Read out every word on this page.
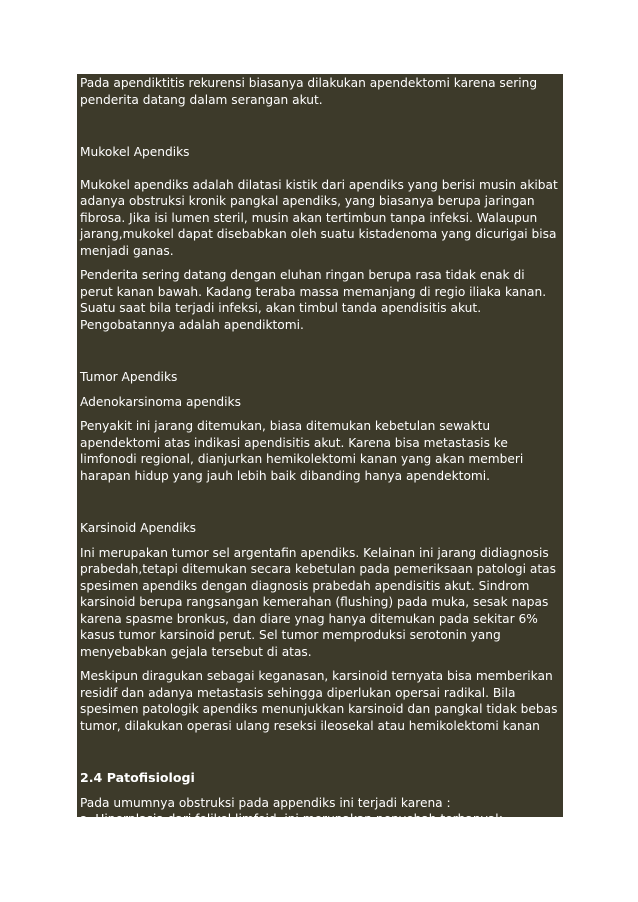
Pada apendiktitis rekurensi biasanya dilakukan apendektomi karena sering penderita datang dalam serangan akut.

Mukokel Apendiks

Mukokel apendiks adalah dilatasi kistik dari apendiks yang berisi musin akibat adanya obstruksi kronik pangkal apendiks, yang biasanya berupa jaringan fibrosa. Jika isi lumen steril, musin akan tertimbun tanpa infeksi. Walaupun jarang,mukokel dapat disebabkan oleh suatu kistadenoma yang dicurigai bisa menjadi ganas.

Penderita sering datang dengan eluhan ringan berupa rasa tidak enak di perut kanan bawah. Kadang teraba massa memanjang di regio iliaka kanan. Suatu saat bila terjadi infeksi, akan timbul tanda apendisitis akut. Pengobatannya adalah apendiktomi.

Tumor Apendiks

Adenokarsinoma apendiks

Penyakit ini jarang ditemukan, biasa ditemukan kebetulan sewaktu apendektomi atas indikasi apendisitis akut. Karena bisa metastasis ke limfonodi regional, dianjurkan hemikolektomi kanan yang akan memberi harapan hidup yang jauh lebih baik dibanding hanya apendektomi.

Karsinoid Apendiks

Ini merupakan tumor sel argentafin apendiks. Kelainan ini jarang didiagnosis prabedah,tetapi ditemukan secara kebetulan pada pemeriksaan patologi atas spesimen apendiks dengan diagnosis prabedah apendisitis akut. Sindrom karsinoid berupa rangsangan kemerahan (flushing) pada muka, sesak napas karena spasme bronkus, dan diare ynag hanya ditemukan pada sekitar 6% kasus tumor karsinoid perut. Sel tumor memproduksi serotonin yang menyebabkan gejala tersebut di atas.

Meskipun diragukan sebagai keganasan, karsinoid ternyata bisa memberikan residif dan adanya metastasis sehingga diperlukan opersai radikal. Bila spesimen patologik apendiks menunjukkan karsinoid dan pangkal tidak bebas tumor, dilakukan operasi ulang reseksi ileosekal atau hemikolektomi kanan

2.4 Patofisiologi

Pada umumnya obstruksi pada appendiks ini terjadi karena :

a. Hiperplasia dari folikel limfoid, ini merupakan penyebab terbanyak.

b. Adanya faekolit dalam lumen appendiks.
